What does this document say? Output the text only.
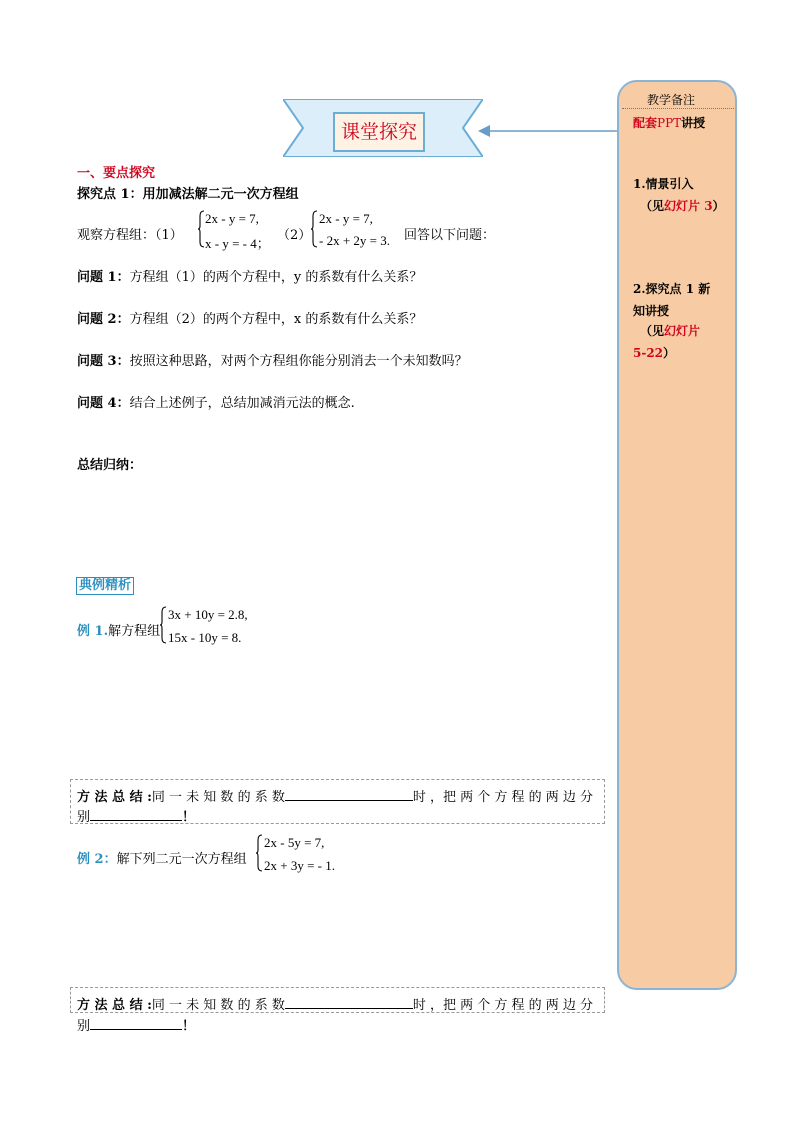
课堂探究
教学备注
配套PPT讲授
1.情景引入
（见幻灯片 3）
2.探究点 1 新
知讲授
（见幻灯片
5-22）
一、要点探究
探究点 1：用加减法解二元一次方程组
观察方程组：（1）
2x - y = 7,
x - y = - 4；
（2）
2x - y = 7,
- 2x + 2y = 3. 回答以下问题：
问题 1：方程组（1）的两个方程中，y 的系数有什么关系？
问题 2：方程组（2）的两个方程中，x 的系数有什么关系？
问题 3：按照这种思路，对两个方程组你能分别消去一个未知数吗？
问题 4：结合上述例子，总结加减消元法的概念.
总结归纳：
典例精析
例 1.解方程组
3x + 10y = 2.8,
15x - 10y = 8.
方 法 总 结 :同 一 未 知 数 的 系 数	时 ，把 两 个 方 程 的 两 边 分
别	！
例 2：解下列二元一次方程组
2x - 5y = 7,
2x + 3y = - 1.
方 法 总 结 :同 一 未 知 数 的 系 数	时 ，把 两 个 方 程 的 两 边 分
别	！
